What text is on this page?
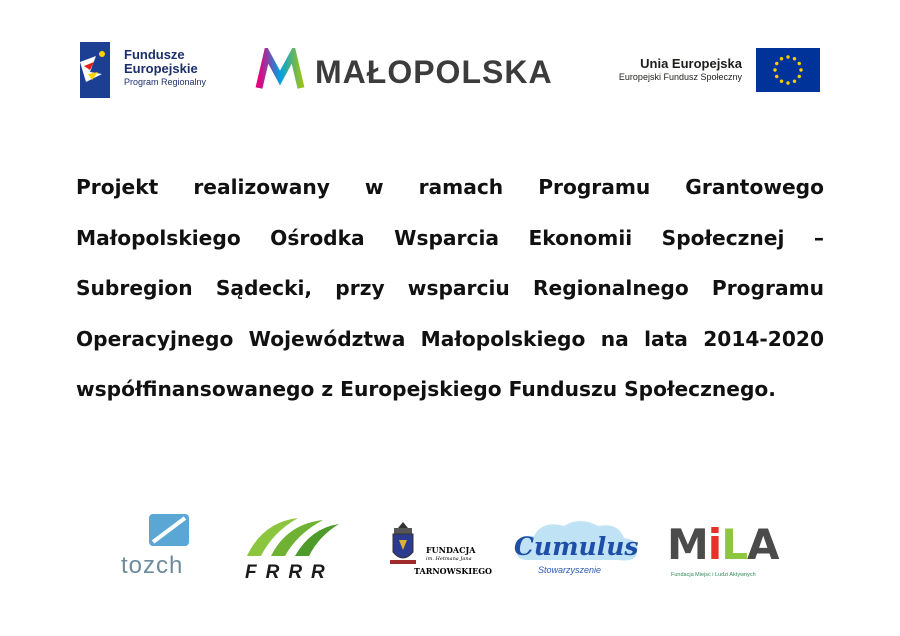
Fundusze
Europejskie
Program Regionalny	MAŁOPOLSKA	Unia Europejska
Europejski Fundusz Społeczny
Projekt realizowany w ramach Programu Grantowego Małopolskiego Ośrodka Wsparcia Ekonomii Społecznej – Subregion Sądecki, przy wsparciu Regionalnego Programu Operacyjnego Województwa Małopolskiego na lata 2014-2020 współfinansowanego z Europejskiego Funduszu Społecznego.
tozch
	FRRR
FUNDACJA
im. Hetmana Jana
TARNOWSKIEGO
Cumulus
Stowarzyszenie
MiLA
Fundacja Miejsc i Ludzi Aktywnych
